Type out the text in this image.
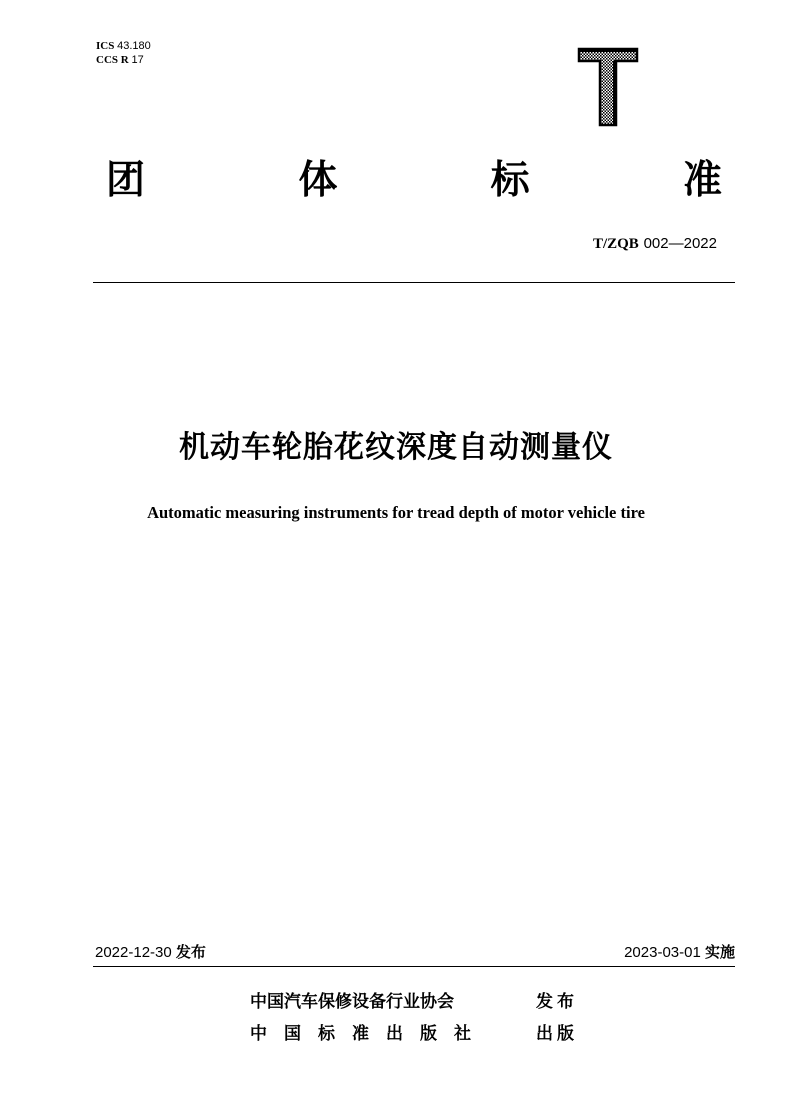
ICS 43.180
CCS R 17
团	体	标	准
T/ZQB 002—2022
机动车轮胎花纹深度自动测量仪
Automatic measuring instruments for tread depth of motor vehicle tire
2022-12-30 发布	2023-03-01 实施
中国汽车保修设备行业协会	发布
中国标准出版社	出版
